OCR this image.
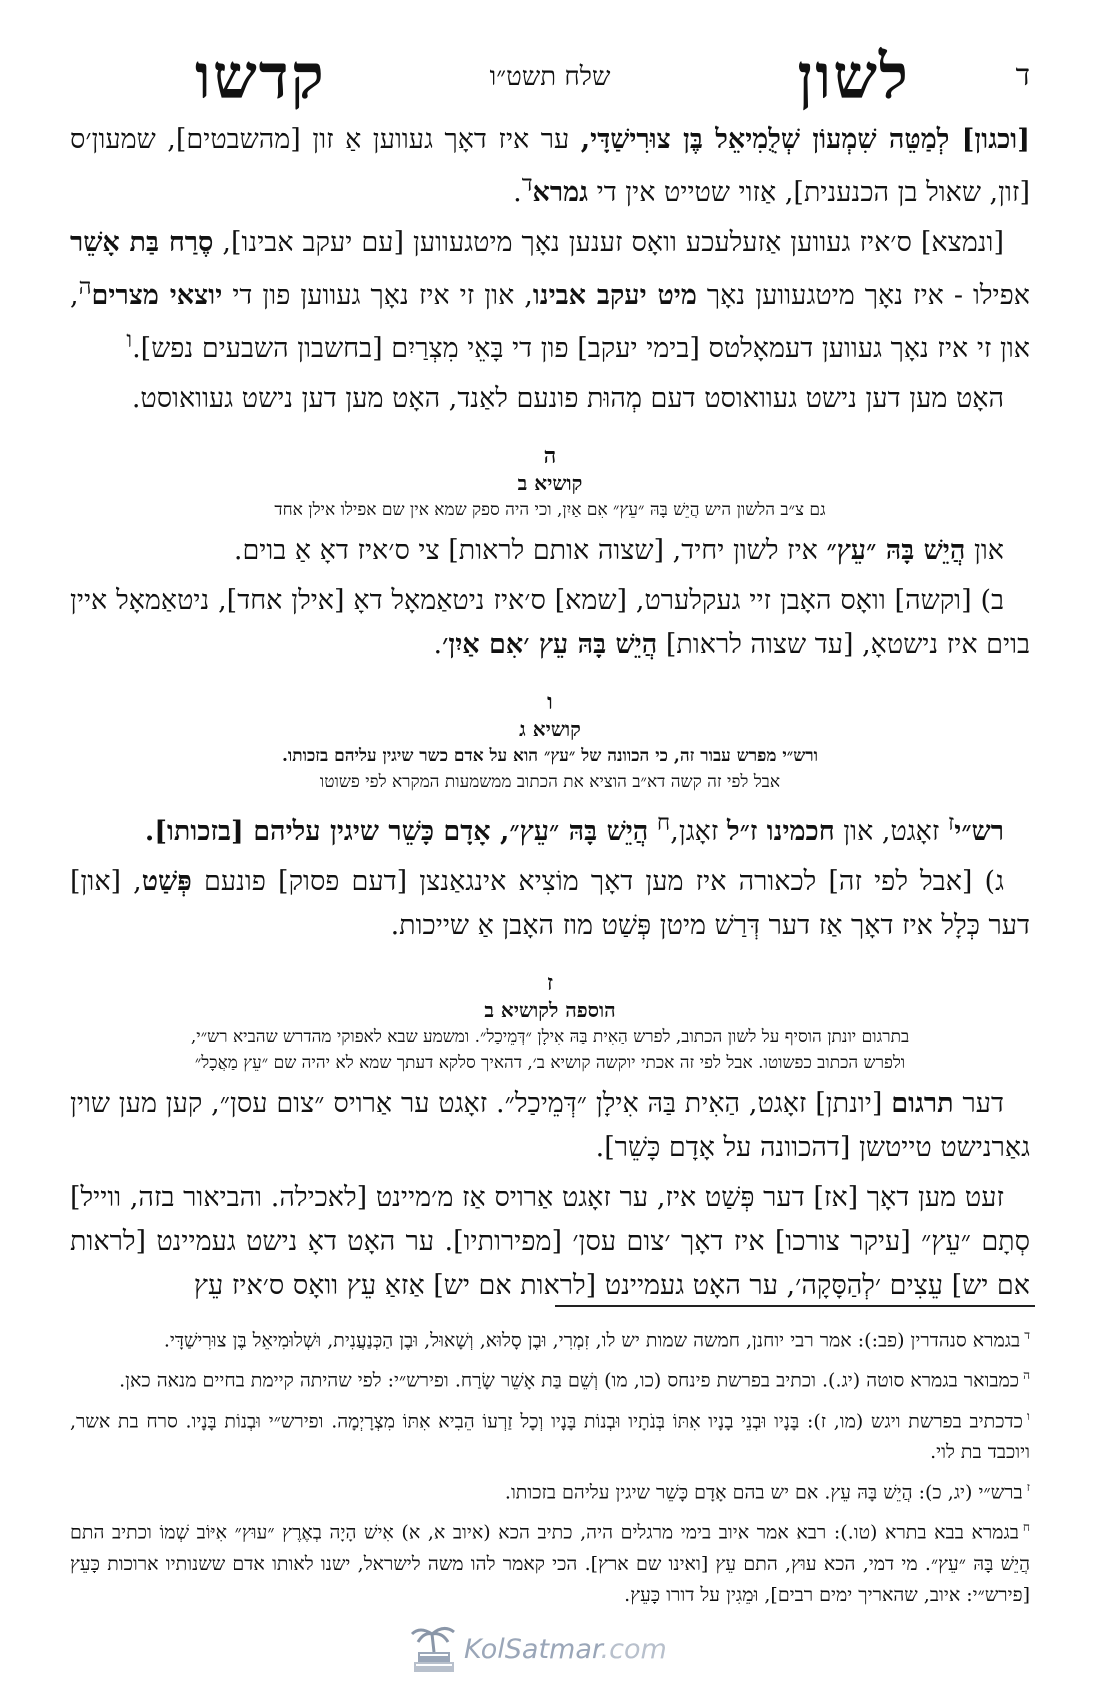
ד
לשון
שלח תשט״ו
קדשו

[וכגון] לְמַטֵּה שִׁמְעוֹן שְׁלֻמִיאֵל בֶּן צוּרִישַׁדָּי, ער איז דאָך געווען אַ זון [מהשבטים], שמעון׳ס [זון, שאול בן הכנענית], אַזוי שטייט אין די גמרא$^ד$.

[ונמצא] ס׳איז געווען אַזעלעכע וואָס זענען נאָך מיטגעווען [עם יעקב אבינו], סֶרַח בַּת אָשֵׁר אפילו - איז נאָך מיטגעווען נאָך מיט יעקב אבינו, און זי איז נאָך געווען פון די יוצאי מצרים$^ה$, און זי איז נאָך געווען דעמאָלטס [בימי יעקב] פון די בָּאֵי מִצְרַיִם [בחשבון השבעים נפש].$^ו$

האָט מען דען נישט געוואוסט דעם מְהוּת פונעם לאַנד, האָט מען דען נישט געוואוסט.

ה
קושיא ב
גם צ״ב הלשון היש הֲיֵשׁ בָּהּ ״עֵץ״ אִם אַיִן, וכי היה ספק שמא אין שם אפילו אילן אחד

און הֲיֵשׁ בָּהּ ״עֵץ״ איז לשון יחיד, [שצוה אותם לראות] צי ס׳איז דאָ אַ בוים.

ב) [וקשה] וואָס האָבן זיי געקלערט, [שמא] ס׳איז ניטאַמאָל דאָ [אילן אחד], ניטאַמאָל איין בוים איז נישטאָ, [עד שצוה לראות] הֲיֵשׁ בָּהּ עֵץ ׳אִם אַיִן׳.

ו
קושיא ג
ורש״י מפרש עבור זה, כי הכוונה של ״עץ״ הוא על אדם כשר שיגין עליהם בזכותו.
אבל לפי זה קשה דא״ב הוציא את הכתוב ממשמעות המקרא לפי פשוטו

רש״י$^ז$ זאָגט, און חכמינו ז״ל זאָגן,$^ח$ הֲיֵשׁ בָּהּ ״עֵץ״, אָדָם כָּשֵׁר שיגין עליהם [בזכותו].

ג) [אבל לפי זה] לכאורה איז מען דאָך מוֹצִיא אינגאַנצן [דעם פסוק] פונעם פְּשַׁט, [און] דער כְּלָל איז דאָך אַז דער דְּרַשׁ מיטן פְּשַׁט מוז האָבן אַ שייכות.

ז
הוספה לקושיא ב
בתרגום יונתן הוסיף על לשון הכתוב, לפרש הַאִית בַּהּ אִילָן ״דְּמֵיכַל״. ומשמע שבא לאפוקי מהדרש שהביא רש״י,
ולפרש הכתוב כפשוטו. אבל לפי זה אכתי יוקשה קושיא ב׳, דהאיך סלקא דעתך שמא לא יהיה שם ״עֵץ מַאֲכָל״

דער תרגום [יונתן] זאָגט, הַאִית בַּהּ אִילָן ״דְּמֵיכַל״. זאָגט ער אַרויס ״צום עסן״, קען מען שוין גאַרנישט טייטשן [דהכוונה על אָדָם כָּשֵׁר].

זעט מען דאָך [אז] דער פְּשַׁט איז, ער זאָגט אַרויס אַז מ׳מיינט [לאכילה. והביאור בזה, ווייל] סְתָם ״עֵץ״ [עיקר צורכו] איז דאָך ׳צום עסן׳ [מפירותיו]. ער האָט דאָ נישט געמיינט [לראות אם יש] עֵצִים ׳לְהַסָּקָה׳, ער האָט געמיינט [לראות אם יש] אַזאַ עֵץ וואָס ס׳איז עֵץ

$^ד$בגמרא סנהדרין (פב:): אמר רבי יוחנן, חמשה שמות יש לו, זִמְרִי, וּבֶן סָלוּא, וְשָׁאוּל, וּבֶן הַכְּנַעֲנִית, וּשְׁלוּמִיאֵל בֶּן צוּרִישַׁדָּי.

$^ה$כמבואר בגמרא סוטה (יג.). וכתיב בפרשת פינחס (כו, מו) וְשֵׁם בַּת אָשֵׁר שָׂרַח. ופירש״י: לפי שהיתה קיימת בחיים מנאה כאן.

$^ו$כדכתיב בפרשת ויגש (מו, ז): בָּנָיו וּבְנֵי בָנָיו אִתּוֹ בְּנֹתָיו וּבְנוֹת בָּנָיו וְכָל זַרְעוֹ הֵבִיא אִתּוֹ מִצְרָיְמָה. ופירש״י וּבְנוֹת בָּנָיו. סרח בת אשר, ויוכבד בת לוי.

$^ז$ברש״י (יג, כ): הֲיֵשׁ בָּהּ עֵץ. אם יש בהם אָדָם כָּשֵׁר שיגין עליהם בזכותו.

$^ח$בגמרא בבא בתרא (טו.): רבא אמר איוב בימי מרגלים היה, כתיב הכא (איוב א, א) אִישׁ הָיָה בְאֶרֶץ ״עוּץ״ אִיּוֹב שְׁמוֹ וכתיב התם הֲיֵשׁ בָּהּ ״עֵץ״. מי דמי, הכא עוּץ, התם עֵץ [ואינו שם ארץ]. הכי קאמר להו משה לישראל, ישנו לאותו אדם ששנותיו ארוכות כָּעֵץ [פירש״י: איוב, שהאריך ימים רבים], וּמֵגִין על דורו כָּעֵץ.

KolSatmar.com
